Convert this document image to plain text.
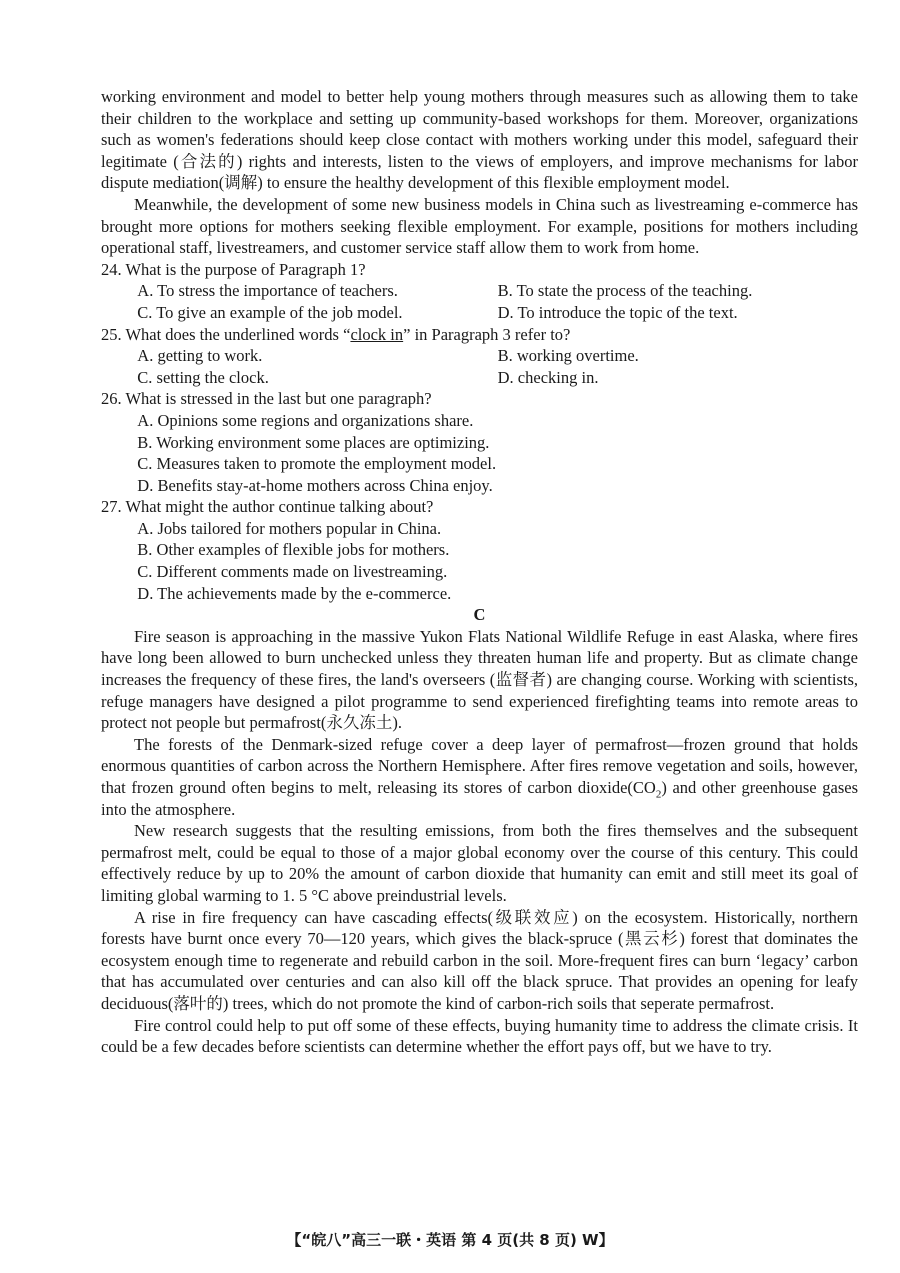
working environment and model to better help young mothers through measures such as allowing them to take their children to the workplace and setting up community-based workshops for them. Moreover, organizations such as women's federations should keep close contact with mothers working under this model, safeguard their legitimate (合法的) rights and interests, listen to the views of employers, and improve mechanisms for labor dispute mediation(调解) to ensure the healthy development of this flexible employment model.

Meanwhile, the development of some new business models in China such as livestreaming e-commerce has brought more options for mothers seeking flexible employment. For example, positions for mothers including operational staff, livestreamers, and customer service staff allow them to work from home.

24. What is the purpose of Paragraph 1?

A. To stress the importance of teachers.	B. To state the process of the teaching.

C. To give an example of the job model.	D. To introduce the topic of the text.

25. What does the underlined words “clock in” in Paragraph 3 refer to?

A. getting to work.	B. working overtime.

C. setting the clock.	D. checking in.

26. What is stressed in the last but one paragraph?

A. Opinions some regions and organizations share.

B. Working environment some places are optimizing.

C. Measures taken to promote the employment model.

D. Benefits stay-at-home mothers across China enjoy.

27. What might the author continue talking about?

A. Jobs tailored for mothers popular in China.

B. Other examples of flexible jobs for mothers.

C. Different comments made on livestreaming.

D. The achievements made by the e-commerce.

C

Fire season is approaching in the massive Yukon Flats National Wildlife Refuge in east Alaska, where fires have long been allowed to burn unchecked unless they threaten human life and property. But as climate change increases the frequency of these fires, the land's overseers (监督者) are changing course. Working with scientists, refuge managers have designed a pilot programme to send experienced firefighting teams into remote areas to protect not people but permafrost(永久冻土).

The forests of the Denmark-sized refuge cover a deep layer of permafrost—frozen ground that holds enormous quantities of carbon across the Northern Hemisphere. After fires remove vegetation and soils, however, that frozen ground often begins to melt, releasing its stores of carbon $dioxide(CO_2)$ and other greenhouse gases into the atmosphere.

New research suggests that the resulting emissions, from both the fires themselves and the subsequent permafrost melt, could be equal to those of a major global economy over the course of this century. This could effectively reduce by up to 20% the amount of carbon dioxide that humanity can emit and still meet its goal of limiting global warming to 1. 5 °C above preindustrial levels.

A rise in fire frequency can have cascading effects(级联效应) on the ecosystem. Historically, northern forests have burnt once every 70—120 years, which gives the black-spruce (黑云杉) forest that dominates the ecosystem enough time to regenerate and rebuild carbon in the soil. More-frequent fires can burn ‘legacy’ carbon that has accumulated over centuries and can also kill off the black spruce. That provides an opening for leafy deciduous(落叶的) trees, which do not promote the kind of carbon-rich soils that seperate permafrost.

Fire control could help to put off some of these effects, buying humanity time to address the climate crisis. It could be a few decades before scientists can determine whether the effort pays off, but we have to try.

【“皖八”高三一联・英语 第 4 页(共 8 页) W】
